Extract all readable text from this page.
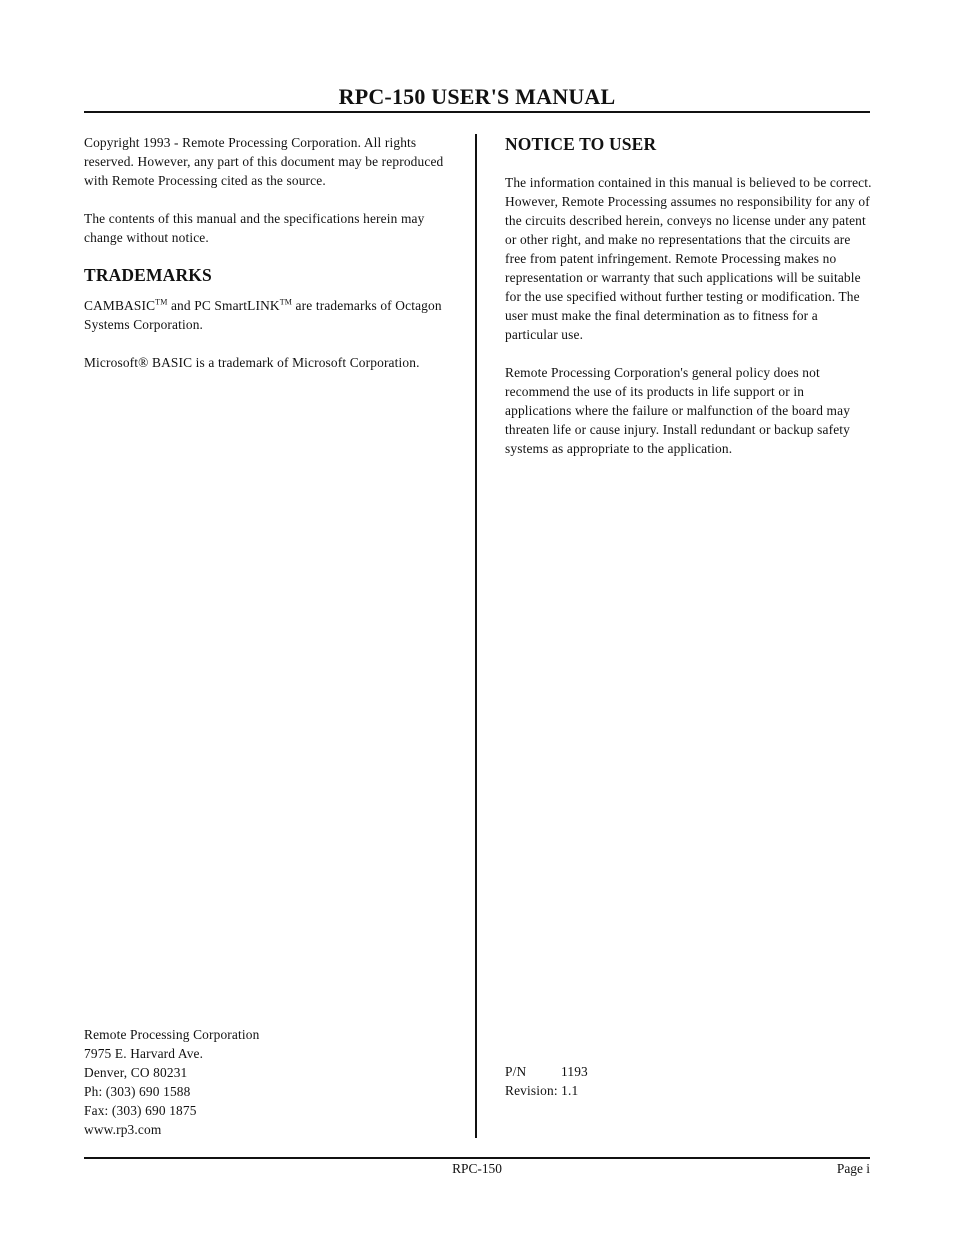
RPC-150 USER'S MANUAL

Copyright 1993 - Remote Processing Corporation. All rights reserved. However, any part of this document may be reproduced with Remote Processing cited as the source.

The contents of this manual and the specifications herein may change without notice.

TRADEMARKS

CAMBASIC™ and PC SmartLINK™ are trademarks of Octagon Systems Corporation.

Microsoft® BASIC is a trademark of Microsoft Corporation.

Remote Processing Corporation

7975 E. Harvard Ave.

Denver, CO 80231

Ph: (303) 690 1588

Fax: (303) 690 1875

www.rp3.com

NOTICE TO USER

The information contained in this manual is believed to be correct. However, Remote Processing assumes no responsibility for any of the circuits described herein, conveys no license under any patent or other right, and make no representations that the circuits are free from patent infringement. Remote Processing makes no representation or warranty that such applications will be suitable for the use specified without further testing or modification. The user must make the final determination as to fitness for a particular use.

Remote Processing Corporation's general policy does not recommend the use of its products in life support or in applications where the failure or malfunction of the board may threaten life or cause injury. Install redundant or backup safety systems as appropriate to the application.

P/N	1193

Revision: 1.1

RPC-150	Page i
